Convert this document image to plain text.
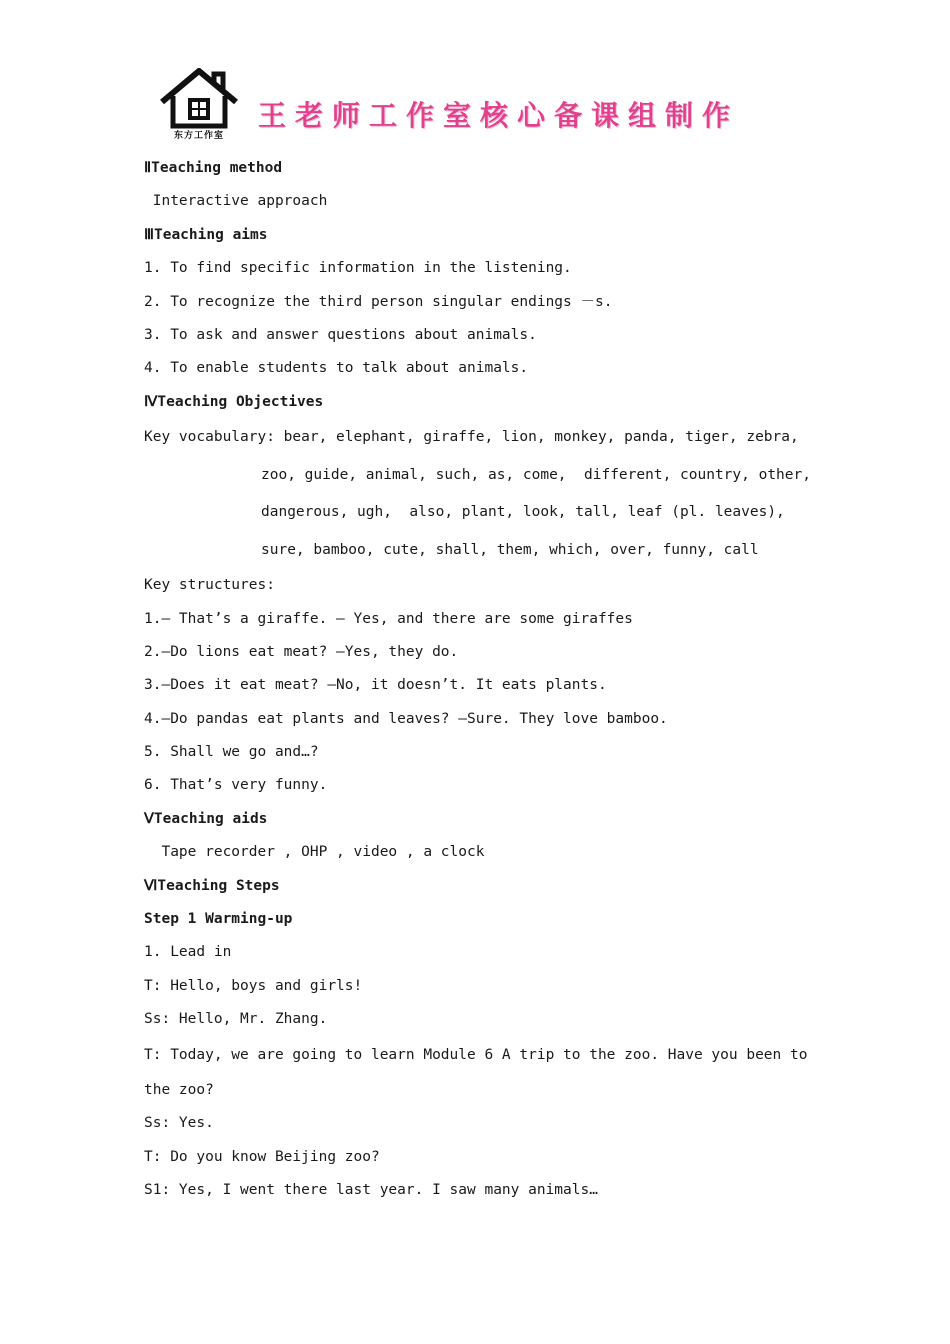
东方工作室
王老师工作室核心备课组制作
ⅡTeaching method
Interactive approach
ⅢTeaching aims
1. To find specific information in the listening.
2. To recognize the third person singular endings －s.
3. To ask and answer questions about animals.
4. To enable students to talk about animals.
ⅣTeaching Objectives
Key vocabulary: bear, elephant, giraffe, lion, monkey, panda, tiger, zebra,
zoo, guide, animal, such, as, come,  different, country, other,
dangerous, ugh,  also, plant, look, tall, leaf (pl. leaves),
sure, bamboo, cute, shall, them, which, over, funny, call
Key structures:
1.— That’s a giraffe. — Yes, and there are some giraffes
2.—Do lions eat meat? —Yes, they do.
3.—Does it eat meat? —No, it doesn’t. It eats plants.
4.—Do pandas eat plants and leaves? —Sure. They love bamboo.
5. Shall we go and…?
6. That’s very funny.
ⅤTeaching aids
Tape recorder , OHP , video , a clock
ⅥTeaching Steps
Step 1 Warming-up
1. Lead in
T: Hello, boys and girls!
Ss: Hello, Mr. Zhang.
T: Today, we are going to learn Module 6 A trip to the zoo. Have you been to
the zoo?
Ss: Yes.
T: Do you know Beijing zoo?
S1: Yes, I went there last year. I saw many animals…
